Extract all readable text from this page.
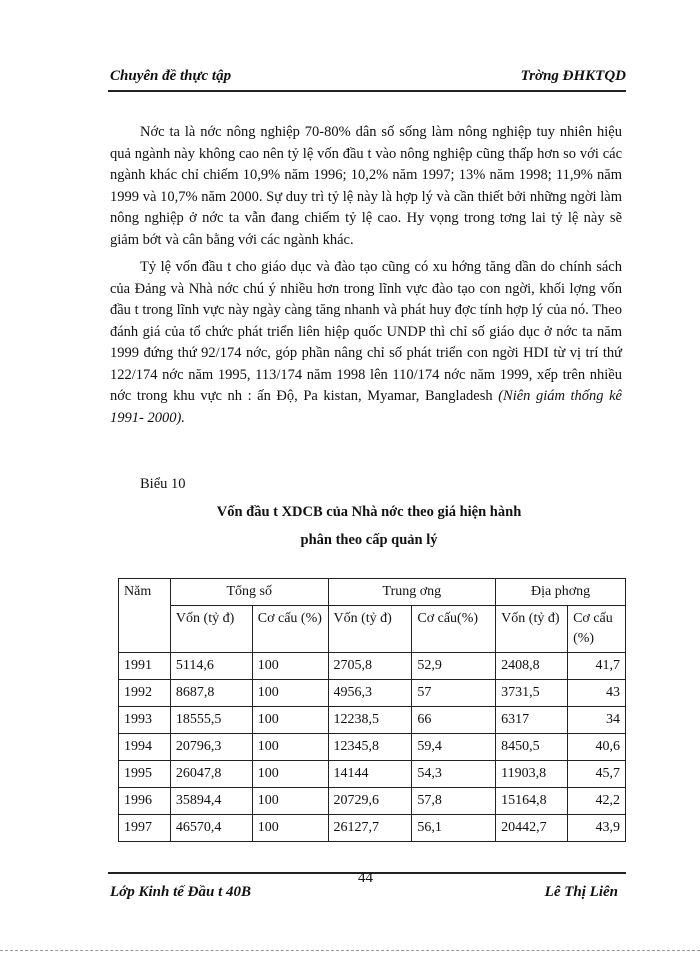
Chuyên đề thực tập	Trờng ĐHKTQD

Nớc ta là nớc nông nghiệp 70-80% dân số sống làm nông nghiệp tuy nhiên hiệu quả ngành này không cao nên tỷ lệ vốn đầu t vào nông nghiệp cũng thấp hơn so với các ngành khác chỉ chiếm 10,9% năm 1996; 10,2% năm 1997; 13% năm 1998; 11,9% năm 1999 và 10,7% năm 2000. Sự duy trì tỷ lệ này là hợp lý và cần thiết bởi những ngời làm nông nghiệp ở nớc ta vẫn đang chiếm tỷ lệ cao. Hy vọng trong tơng lai tỷ lệ này sẽ giảm bớt và cân bằng với các ngành khác.

Tỷ lệ vốn đầu t cho giáo dục và đào tạo cũng có xu hớng tăng dần do chính sách của Đảng và Nhà nớc chú ý nhiều hơn trong lĩnh vực đào tạo con ngời, khối lợng vốn đầu t trong lĩnh vực này ngày càng tăng nhanh và phát huy đợc tính hợp lý của nó. Theo đánh giá của tổ chức phát triển liên hiệp quốc UNDP thì chỉ số giáo dục ở nớc ta năm 1999 đứng thứ 92/174 nớc, góp phần nâng chỉ số phát triển con ngời HDI từ vị trí thứ 122/174 nớc năm 1995, 113/174 năm 1998 lên 110/174 nớc năm 1999, xếp trên nhiều nớc trong khu vực nh : ấn Độ, Pa kistan, Myamar, Bangladesh (Niên giám thống kê 1991- 2000).

Biểu 10
Vốn đầu t XDCB của Nhà nớc theo giá hiện hành
phân theo cấp quản lý
Năm	Tổng số		Trung ơng		Địa phơng	
	Vốn (tỷ đ)	Cơ cấu (%)	Vốn (tỷ đ)	Cơ cấu(%)	Vốn (tỷ đ)	Cơ cấu (%)
1991	5114,6	100	2705,8	52,9	2408,8	41,7
1992	8687,8	100	4956,3	57	3731,5	43
1993	18555,5	100	12238,5	66	6317	34
1994	20796,3	100	12345,8	59,4	8450,5	40,6
1995	26047,8	100	14144	54,3	11903,8	45,7
1996	35894,4	100	20729,6	57,8	15164,8	42,2
1997	46570,4	100	26127,7	56,1	20442,7	43,9
Lớp Kinh tế Đầu t 40B
44
Lê Thị Liên
